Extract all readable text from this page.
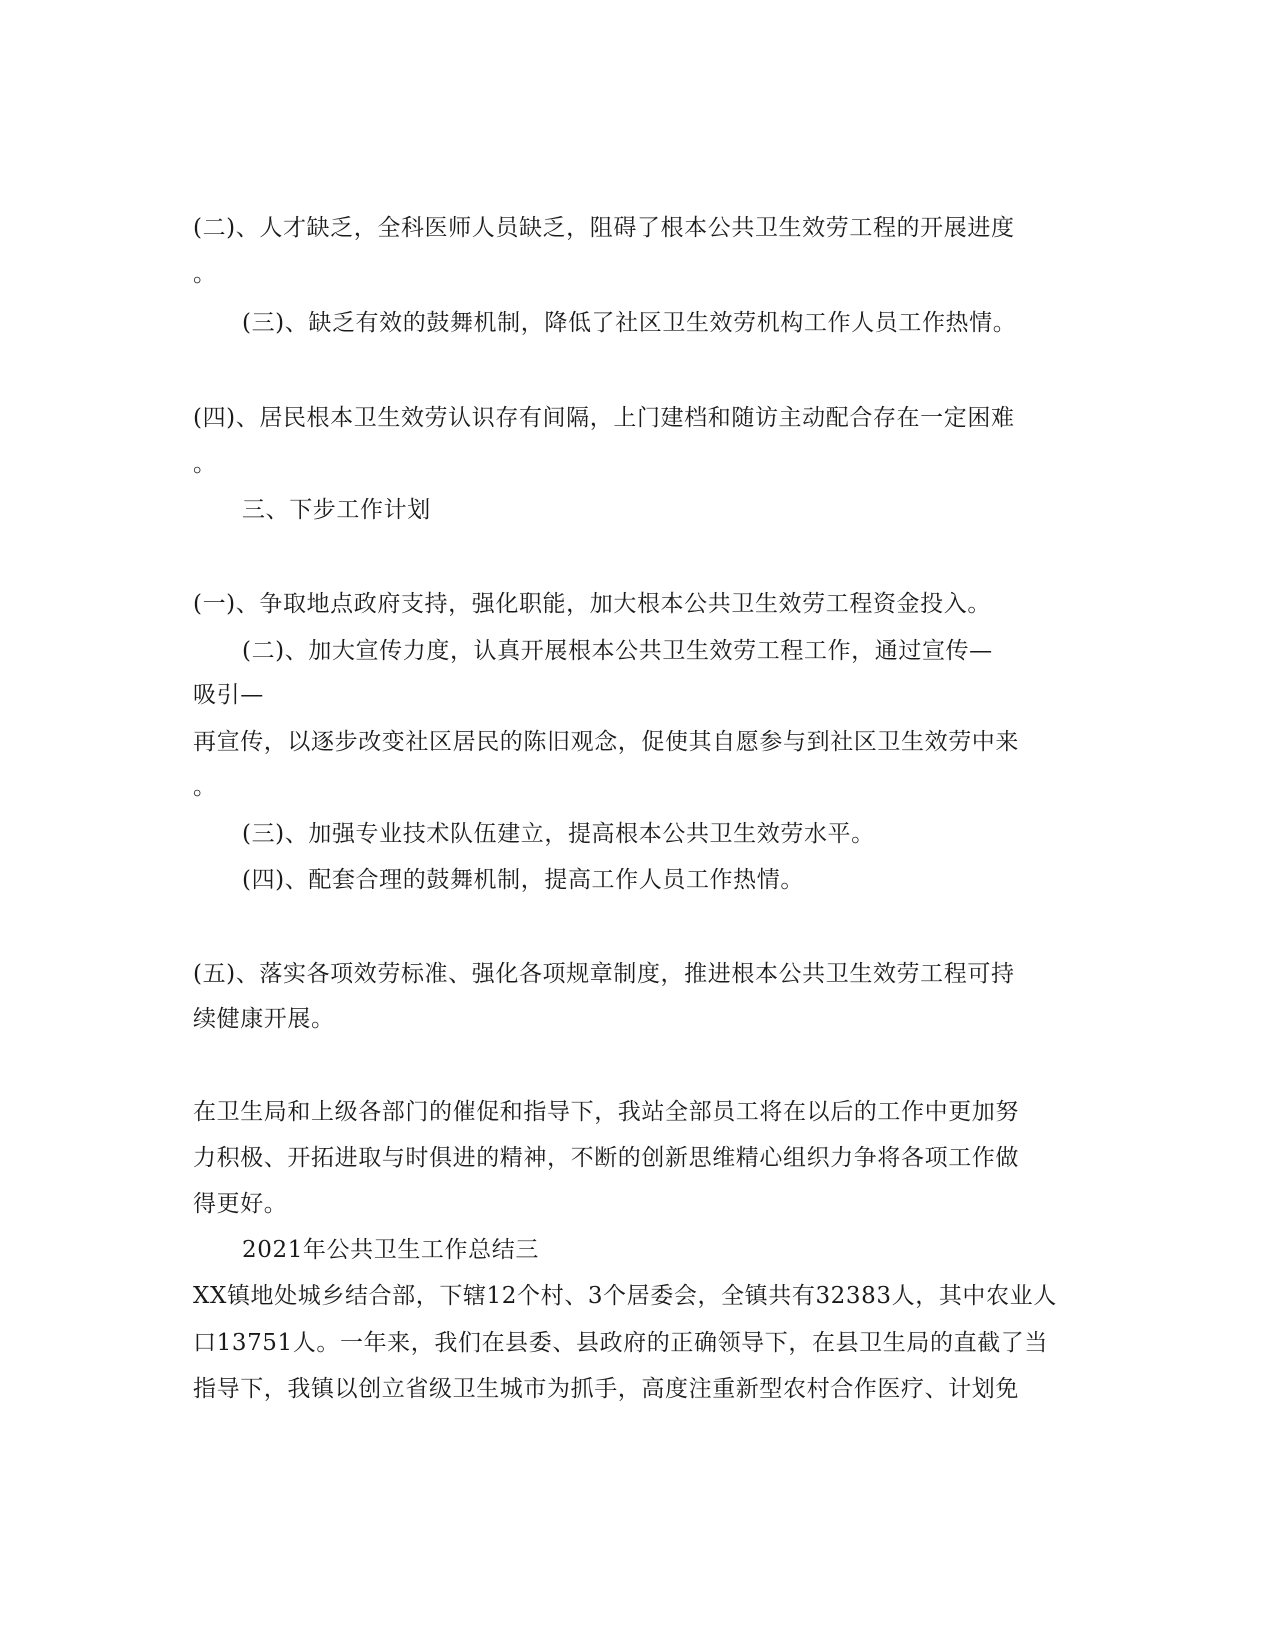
(二)、人才缺乏，全科医师人员缺乏，阻碍了根本公共卫生效劳工程的开展进度
。
(三)、缺乏有效的鼓舞机制，降低了社区卫生效劳机构工作人员工作热情。
(四)、居民根本卫生效劳认识存有间隔，上门建档和随访主动配合存在一定困难
。
三、下步工作计划
(一)、争取地点政府支持，强化职能，加大根本公共卫生效劳工程资金投入。
(二)、加大宣传力度，认真开展根本公共卫生效劳工程工作，通过宣传—
吸引—
再宣传，以逐步改变社区居民的陈旧观念，促使其自愿参与到社区卫生效劳中来
。
(三)、加强专业技术队伍建立，提高根本公共卫生效劳水平。
(四)、配套合理的鼓舞机制，提高工作人员工作热情。
(五)、落实各项效劳标准、强化各项规章制度，推进根本公共卫生效劳工程可持
续健康开展。
在卫生局和上级各部门的催促和指导下，我站全部员工将在以后的工作中更加努
力积极、开拓进取与时俱进的精神，不断的创新思维精心组织力争将各项工作做
得更好。
2021年公共卫生工作总结三
XX镇地处城乡结合部，下辖12个村、3个居委会，全镇共有32383人，其中农业人
口13751人。一年来，我们在县委、县政府的正确领导下，在县卫生局的直截了当
指导下，我镇以创立省级卫生城市为抓手，高度注重新型农村合作医疗、计划免
